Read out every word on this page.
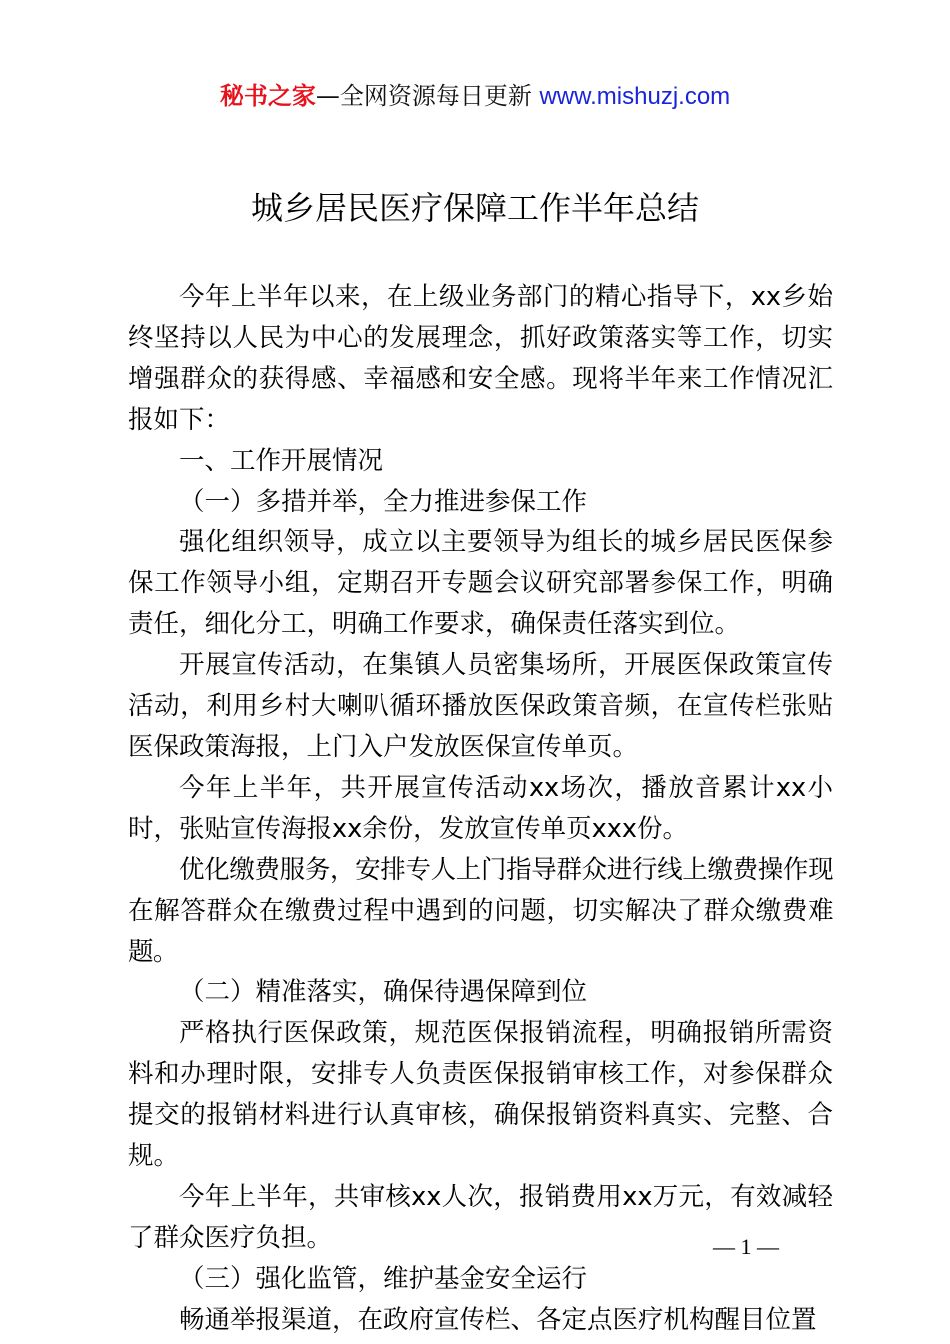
秘书之家—全网资源每日更新 www.mishuzj.com
城乡居民医疗保障工作半年总结

今年上半年以来，在上级业务部门的精心指导下，xx乡始终坚持以人民为中心的发展理念，抓好政策落实等工作，切实增强群众的获得感、幸福感和安全感。现将半年来工作情况汇报如下：

一、工作开展情况

（一）多措并举，全力推进参保工作

强化组织领导，成立以主要领导为组长的城乡居民医保参保工作领导小组，定期召开专题会议研究部署参保工作，明确责任，细化分工，明确工作要求，确保责任落实到位。

开展宣传活动，在集镇人员密集场所，开展医保政策宣传活动，利用乡村大喇叭循环播放医保政策音频，在宣传栏张贴医保政策海报，上门入户发放医保宣传单页。

今年上半年，共开展宣传活动xx场次，播放音累计xx小时，张贴宣传海报xx余份，发放宣传单页xxx份。

优化缴费服务，安排专人上门指导群众进行线上缴费操作现在解答群众在缴费过程中遇到的问题，切实解决了群众缴费难题。

（二）精准落实，确保待遇保障到位

严格执行医保政策，规范医保报销流程，明确报销所需资料和办理时限，安排专人负责医保报销审核工作，对参保群众提交的报销材料进行认真审核，确保报销资料真实、完整、合规。

今年上半年，共审核xx人次，报销费用xx万元，有效减轻了群众医疗负担。

（三）强化监管，维护基金安全运行

畅通举报渠道，在政府宣传栏、各定点医疗机构醒目位置

— 1 —
